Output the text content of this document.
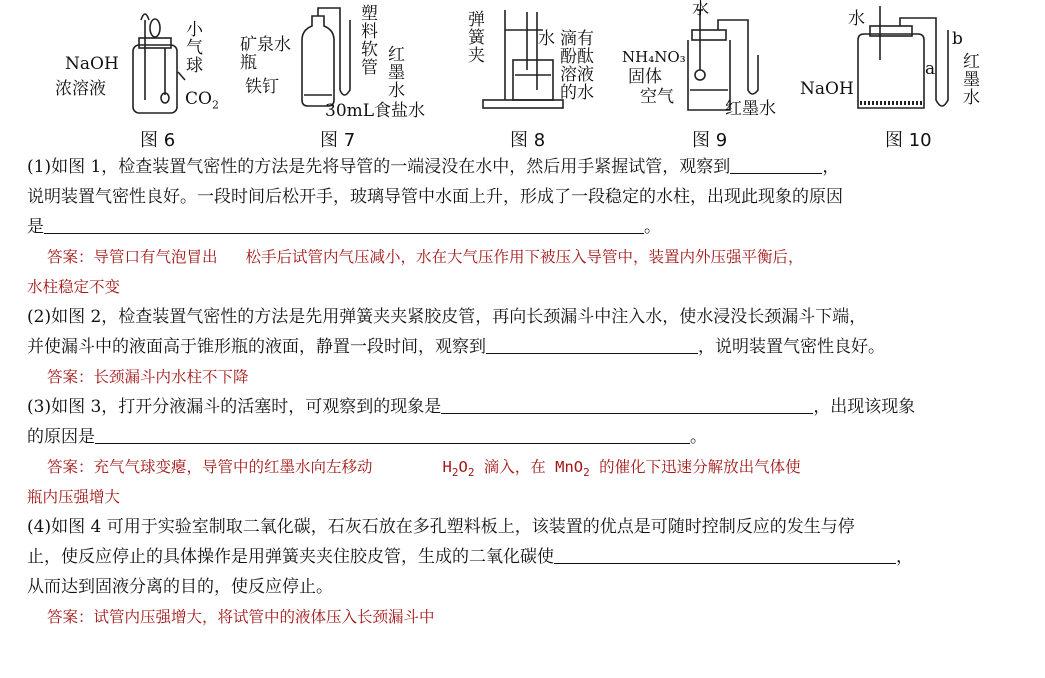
NaOH
浓溶液
小气球
$CO_2$
图 6
塑料软管
矿泉水瓶
铁钉	红墨水
30mL食盐水
图 7
弹簧夹	水 滴有酚酞溶液的水
图 8
水
NH₄NO₃
固体
空气
红墨水
图 9
水
NaOH
a
b
红墨水
图 10
(1)如图 1，检查装置气密性的方法是先将导管的一端浸没在水中，然后用手紧握试管，观察到	，
说明装置气密性良好。一段时间后松开手，玻璃导管中水面上升，形成了一段稳定的水柱，出现此现象的原因
是	。
答案：导管口有气泡冒出 松手后试管内气压减小，水在大气压作用下被压入导管中，装置内外压强平衡后，
水柱稳定不变
(2)如图 2，检查装置气密性的方法是先用弹簧夹夹紧胶皮管，再向长颈漏斗中注入水，使水浸没长颈漏斗下端，
并使漏斗中的液面高于锥形瓶的液面，静置一段时间，观察到	，说明装置气密性良好。
答案：长颈漏斗内水柱不下降
(3)如图 3，打开分液漏斗的活塞时，可观察到的现象是	，出现该现象
的原因是	。
答案：充气气球变瘪，导管中的红墨水向左移动	$H_2O_2$ 滴入，在 MnO$_2$ 的催化下迅速分解放出气体使
瓶内压强增大
(4)如图 4 可用于实验室制取二氧化碳，石灰石放在多孔塑料板上，该装置的优点是可随时控制反应的发生与停
止，使反应停止的具体操作是用弹簧夹夹住胶皮管，生成的二氧化碳使	，
从而达到固液分离的目的，使反应停止。
答案：试管内压强增大，将试管中的液体压入长颈漏斗中
